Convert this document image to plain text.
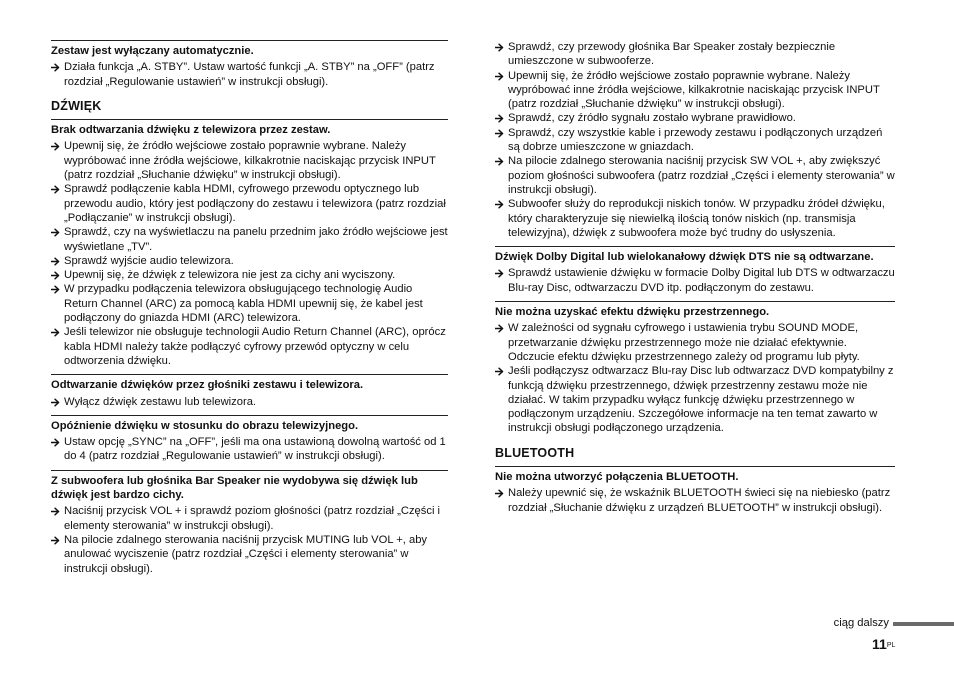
Zestaw jest wyłączany automatycznie.
Działa funkcja „A. STBY”. Ustaw wartość funkcji „A. STBY” na „OFF” (patrz rozdział „Regulowanie ustawień” w instrukcji obsługi).
DŹWIĘK
Brak odtwarzania dźwięku z telewizora przez zestaw.
Upewnij się, że źródło wejściowe zostało poprawnie wybrane. Należy wypróbować inne źródła wejściowe, kilkakrotnie naciskając przycisk INPUT (patrz rozdział „Słuchanie dźwięku” w instrukcji obsługi).
Sprawdź podłączenie kabla HDMI, cyfrowego przewodu optycznego lub przewodu audio, który jest podłączony do zestawu i telewizora (patrz rozdział „Podłączanie” w instrukcji obsługi).
Sprawdź, czy na wyświetlaczu na panelu przednim jako źródło wejściowe jest wyświetlane „TV”.
Sprawdź wyjście audio telewizora.
Upewnij się, że dźwięk z telewizora nie jest za cichy ani wyciszony.
W przypadku podłączenia telewizora obsługującego technologię Audio Return Channel (ARC) za pomocą kabla HDMI upewnij się, że kabel jest podłączony do gniazda HDMI (ARC) telewizora.
Jeśli telewizor nie obsługuje technologii Audio Return Channel (ARC), oprócz kabla HDMI należy także podłączyć cyfrowy przewód optyczny w celu odtworzenia dźwięku.
Odtwarzanie dźwięków przez głośniki zestawu i telewizora.
Wyłącz dźwięk zestawu lub telewizora.
Opóźnienie dźwięku w stosunku do obrazu telewizyjnego.
Ustaw opcję „SYNC” na „OFF”, jeśli ma ona ustawioną dowolną wartość od 1 do 4 (patrz rozdział „Regulowanie ustawień” w instrukcji obsługi).
Z subwoofera lub głośnika Bar Speaker nie wydobywa się dźwięk lub dźwięk jest bardzo cichy.
Naciśnij przycisk VOL + i sprawdź poziom głośności (patrz rozdział „Części i elementy sterowania” w instrukcji obsługi).
Na pilocie zdalnego sterowania naciśnij przycisk MUTING lub VOL +, aby anulować wyciszenie (patrz rozdział „Części i elementy sterowania” w instrukcji obsługi).
Sprawdź, czy przewody głośnika Bar Speaker zostały bezpiecznie umieszczone w subwooferze.
Upewnij się, że źródło wejściowe zostało poprawnie wybrane. Należy wypróbować inne źródła wejściowe, kilkakrotnie naciskając przycisk INPUT (patrz rozdział „Słuchanie dźwięku” w instrukcji obsługi).
Sprawdź, czy źródło sygnału zostało wybrane prawidłowo.
Sprawdź, czy wszystkie kable i przewody zestawu i podłączonych urządzeń są dobrze umieszczone w gniazdach.
Na pilocie zdalnego sterowania naciśnij przycisk SW VOL +, aby zwiększyć poziom głośności subwoofera (patrz rozdział „Części i elementy sterowania” w instrukcji obsługi).
Subwoofer służy do reprodukcji niskich tonów. W przypadku źródeł dźwięku, który charakteryzuje się niewielką ilością tonów niskich (np. transmisja telewizyjna), dźwięk z subwoofera może być trudny do usłyszenia.
Dźwięk Dolby Digital lub wielokanałowy dźwięk DTS nie są odtwarzane.
Sprawdź ustawienie dźwięku w formacie Dolby Digital lub DTS w odtwarzaczu Blu-ray Disc, odtwarzaczu DVD itp. podłączonym do zestawu.
Nie można uzyskać efektu dźwięku przestrzennego.
W zależności od sygnału cyfrowego i ustawienia trybu SOUND MODE, przetwarzanie dźwięku przestrzennego może nie działać efektywnie. Odczucie efektu dźwięku przestrzennego zależy od programu lub płyty.
Jeśli podłączysz odtwarzacz Blu-ray Disc lub odtwarzacz DVD kompatybilny z funkcją dźwięku przestrzennego, dźwięk przestrzenny zestawu może nie działać. W takim przypadku wyłącz funkcję dźwięku przestrzennego w podłączonym urządzeniu. Szczegółowe informacje na ten temat zawarto w instrukcji obsługi podłączonego urządzenia.
BLUETOOTH
Nie można utworzyć połączenia BLUETOOTH.
Należy upewnić się, że wskaźnik BLUETOOTH świeci się na niebiesko (patrz rozdział „Słuchanie dźwięku z urządzeń BLUETOOTH” w instrukcji obsługi).
ciąg dalszy
$11^{PL}$
